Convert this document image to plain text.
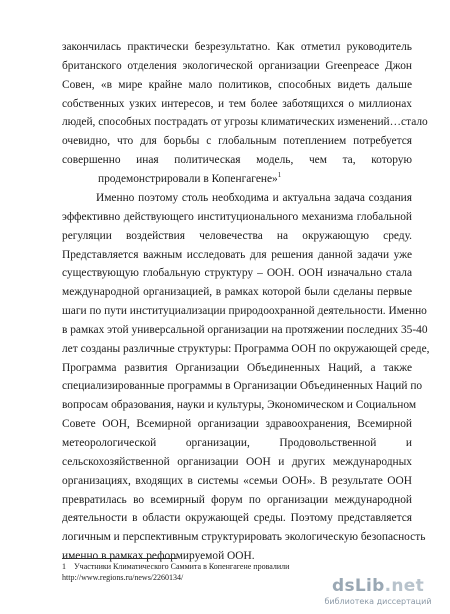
закончилась практически безрезультатно. Как отметил руководитель
британского отделения экологической организации Greenpeace Джон
Совен, «в мире крайне мало политиков, способных видеть дальше
собственных узких интересов, и тем более заботящихся о миллионах
людей, способных пострадать от угрозы климатических изменений…стало
очевидно, что для борьбы с глобальным потеплением потребуется
совершенно иная политическая модель, чем та, которую
продемонстрировали в Копенгагене»$^1$
Именно поэтому столь необходима и актуальна задача создания
эффективно действующего институционального механизма глобальной
регуляции воздействия человечества на окружающую среду.
Представляется важным исследовать для решения данной задачи уже
существующую глобальную структуру – ООН. ООН изначально стала
международной организацией, в рамках которой были сделаны первые
шаги по пути институциализации природоохранной деятельности. Именно
в рамках этой универсальной организации на протяжении последних 35-40
лет созданы различные структуры: Программа ООН по окружающей среде,
Программа развития Организации Объединенных Наций, а также
специализированные программы в Организации Объединенных Наций по
вопросам образования, науки и культуры, Экономическом и Социальном
Совете ООН, Всемирной организации здравоохранения, Всемирной
метеорологической организации, Продовольственной и
сельскохозяйственной организации ООН и других международных
организациях, входящих в системы «семьи ООН». В результате ООН
превратилась во всемирный форум по организации международной
деятельности в области окружающей среды. Поэтому представляется
логичным и перспективным структурировать экологическую безопасность
именно в рамках реформируемой ООН.
1 Участники Климатического Саммита в Копенгагене провалили
http://www.regions.ru/news/2260134/	dsLib.net
библиотека диссертаций
